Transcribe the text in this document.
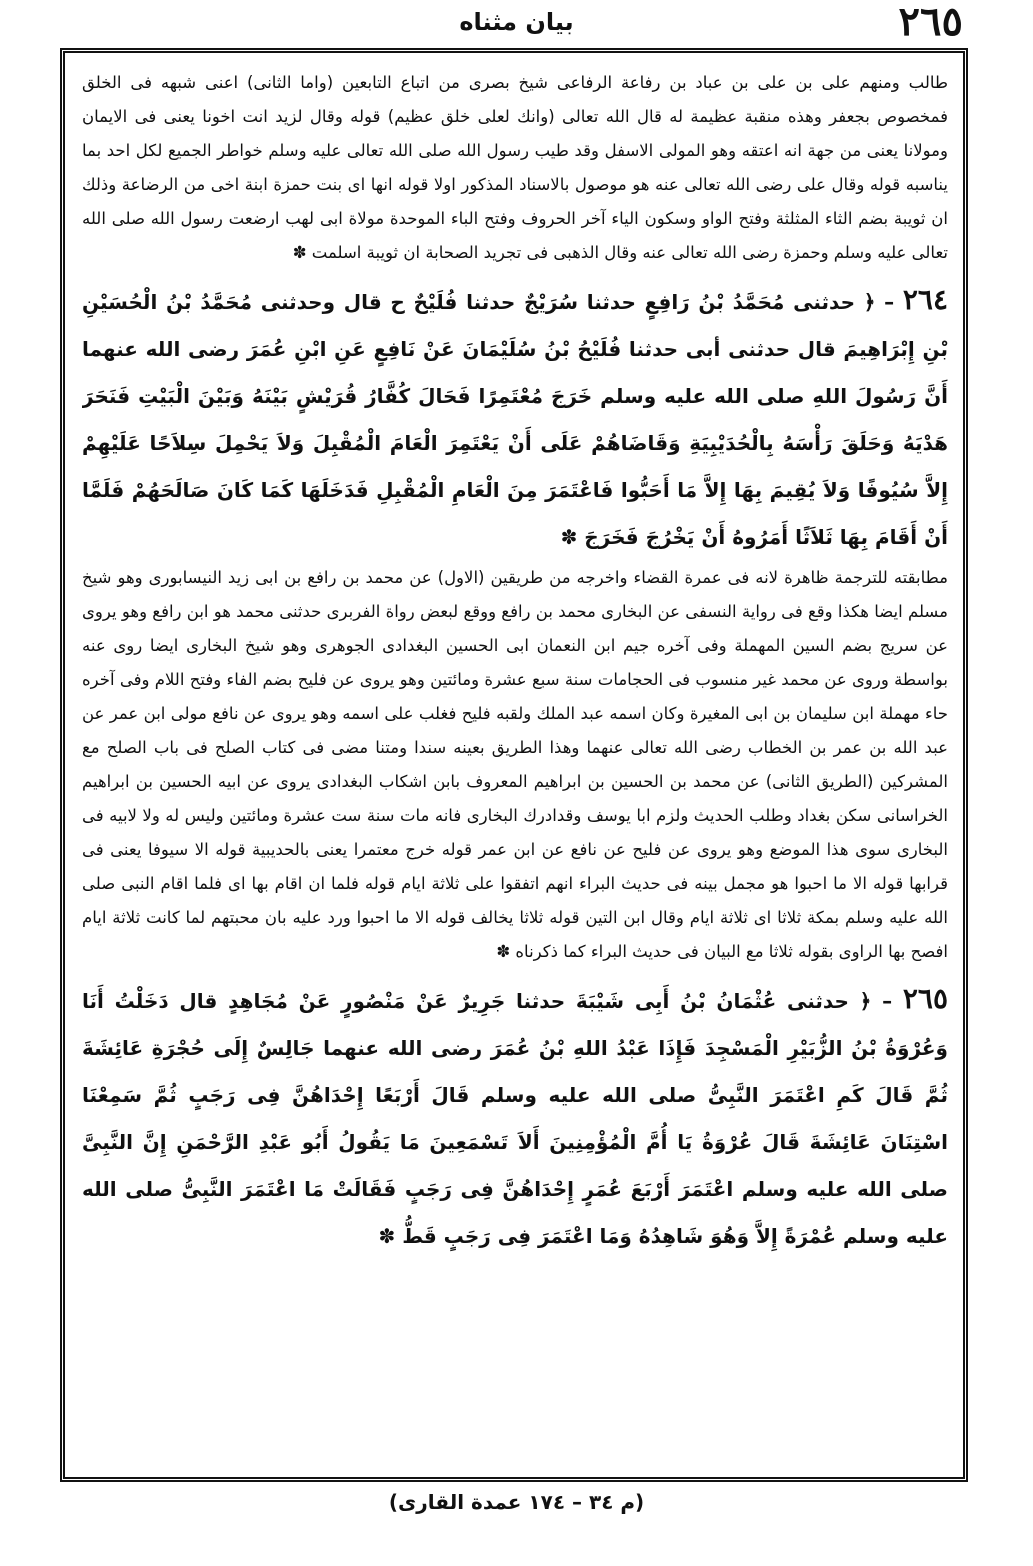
بيان مثناه	٢٦٥

طالب ومنهم على بن على بن عباد بن رفاعة الرفاعى شيخ بصرى من اتباع التابعين (واما الثانى) اعنى شبهه فى الخلق فمخصوص بجعفر وهذه منقبة عظيمة له قال الله تعالى (وانك لعلى خلق عظيم) قوله وقال لزيد انت اخونا يعنى فى الايمان ومولانا يعنى من جهة انه اعتقه وهو المولى الاسفل وقد طيب رسول الله صلى الله تعالى عليه وسلم خواطر الجميع لكل احد بما يناسبه قوله وقال على رضى الله تعالى عنه هو موصول بالاسناد المذكور اولا قوله انها اى بنت حمزة ابنة اخى من الرضاعة وذلك ان ثويبة بضم الثاء المثلثة وفتح الواو وسكون الياء آخر الحروف وفتح الباء الموحدة مولاة ابى لهب ارضعت رسول الله صلى الله تعالى عليه وسلم وحمزة رضى الله تعالى عنه وقال الذهبى فى تجريد الصحابة ان ثويبة اسلمت ✽

٢٦٤ – ﴿ حدثنى مُحَمَّدُ بْنُ رَافِعٍ حدثنا سُرَيْجٌ حدثنا فُلَيْحٌ ح قال وحدثنى مُحَمَّدُ بْنُ الْحُسَيْنِ بْنِ إِبْرَاهِيمَ قال حدثنى أبى حدثنا فُلَيْحُ بْنُ سُلَيْمَانَ عَنْ نَافِعٍ عَنِ ابْنِ عُمَرَ رضى الله عنهما أَنَّ رَسُولَ اللهِ صلى الله عليه وسلم خَرَجَ مُعْتَمِرًا فَحَالَ كُفَّارُ قُرَيْشٍ بَيْنَهُ وَبَيْنَ الْبَيْتِ فَنَحَرَ هَدْيَهُ وَحَلَقَ رَأْسَهُ بِالْحُدَيْبِيَةِ وَقَاضَاهُمْ عَلَى أَنْ يَعْتَمِرَ الْعَامَ الْمُقْبِلَ وَلاَ يَحْمِلَ سِلاَحًا عَلَيْهِمْ إِلاَّ سُيُوفًا وَلاَ يُقِيمَ بِهَا إِلاَّ مَا أَحَبُّوا فَاعْتَمَرَ مِنَ الْعَامِ الْمُقْبِلِ فَدَخَلَهَا كَمَا كَانَ صَالَحَهُمْ فَلَمَّا أَنْ أَقَامَ بِهَا ثَلاَثًا أَمَرُوهُ أَنْ يَخْرُجَ فَخَرَجَ ✽

مطابقته للترجمة ظاهرة لانه فى عمرة القضاء واخرجه من طريقين (الاول) عن محمد بن رافع بن ابى زيد النيسابورى وهو شيخ مسلم ايضا هكذا وقع فى رواية النسفى عن البخارى محمد بن رافع ووقع لبعض رواة الفربرى حدثنى محمد هو ابن رافع وهو يروى عن سريج بضم السين المهملة وفى آخره جيم ابن النعمان ابى الحسين البغدادى الجوهرى وهو شيخ البخارى ايضا روى عنه بواسطة وروى عن محمد غير منسوب فى الحجامات سنة سبع عشرة ومائتين وهو يروى عن فليح بضم الفاء وفتح اللام وفى آخره حاء مهملة ابن سليمان بن ابى المغيرة وكان اسمه عبد الملك ولقبه فليح فغلب على اسمه وهو يروى عن نافع مولى ابن عمر عن عبد الله بن عمر بن الخطاب رضى الله تعالى عنهما وهذا الطريق بعينه سندا ومتنا مضى فى كتاب الصلح فى باب الصلح مع المشركين (الطريق الثانى) عن محمد بن الحسين بن ابراهيم المعروف بابن اشكاب البغدادى يروى عن ابيه الحسين بن ابراهيم الخراسانى سكن بغداد وطلب الحديث ولزم ابا يوسف وقدادرك البخارى فانه مات سنة ست عشرة ومائتين وليس له ولا لابيه فى البخارى سوى هذا الموضع وهو يروى عن فليح عن نافع عن ابن عمر قوله خرج معتمرا يعنى بالحديبية قوله الا سيوفا يعنى فى قرابها قوله الا ما احبوا هو مجمل بينه فى حديث البراء انهم اتفقوا على ثلاثة ايام قوله فلما ان اقام بها اى فلما اقام النبى صلى الله عليه وسلم بمكة ثلاثا اى ثلاثة ايام وقال ابن التين قوله ثلاثا يخالف قوله الا ما احبوا ورد عليه بان محبتهم لما كانت ثلاثة ايام افصح بها الراوى بقوله ثلاثا مع البيان فى حديث البراء كما ذكرناه ✽

٢٦٥ – ﴿ حدثنى عُثْمَانُ بْنُ أَبِى شَيْبَةَ حدثنا جَرِيرٌ عَنْ مَنْصُورٍ عَنْ مُجَاهِدٍ قال دَخَلْتُ أَنَا وَعُرْوَةُ بْنُ الزُّبَيْرِ الْمَسْجِدَ فَإِذَا عَبْدُ اللهِ بْنُ عُمَرَ رضى الله عنهما جَالِسٌ إِلَى حُجْرَةِ عَائِشَةَ ثُمَّ قَالَ كَمِ اعْتَمَرَ النَّبِىُّ صلى الله عليه وسلم قَالَ أَرْبَعًا إِحْدَاهُنَّ فِى رَجَبٍ ثُمَّ سَمِعْنَا اسْتِنَانَ عَائِشَةَ قَالَ عُرْوَةُ يَا أُمَّ الْمُؤْمِنِينَ أَلاَ تَسْمَعِينَ مَا يَقُولُ أَبُو عَبْدِ الرَّحْمَنِ إِنَّ النَّبِىَّ صلى الله عليه وسلم اعْتَمَرَ أَرْبَعَ عُمَرٍ إِحْدَاهُنَّ فِى رَجَبٍ فَقَالَتْ مَا اعْتَمَرَ النَّبِىُّ صلى الله عليه وسلم عُمْرَةً إِلاَّ وَهُوَ شَاهِدُهُ وَمَا اعْتَمَرَ فِى رَجَبٍ قَطُّ ✽

(م ٣٤ – ١٧٤ عمدة القارى)
